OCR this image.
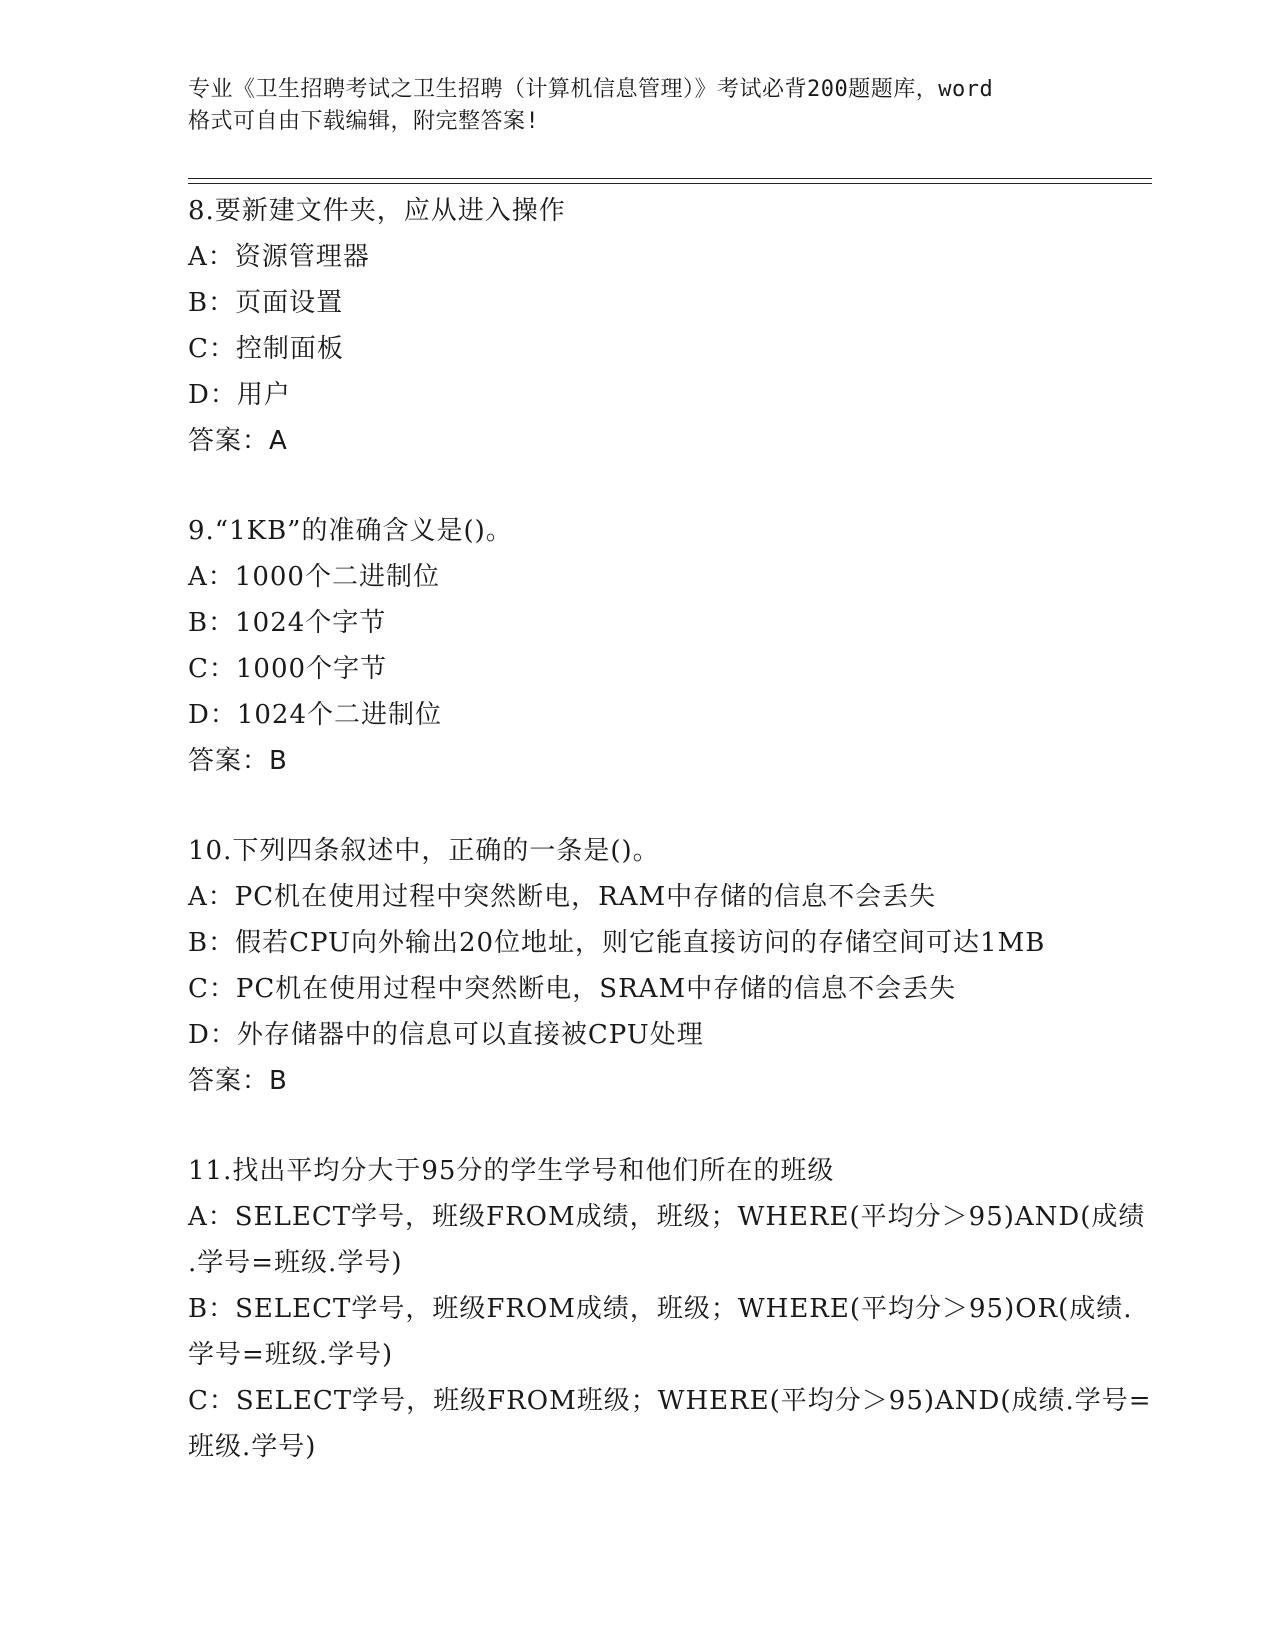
专业《卫生招聘考试之卫生招聘（计算机信息管理）》考试必背200题题库，word
格式可自由下载编辑，附完整答案!
8.要新建文件夹，应从进入操作
A：资源管理器
B：页面设置
C：控制面板
D：用户
答案：A
9.“1KB”的准确含义是()。
A：1000个二进制位
B：1024个字节
C：1000个字节
D：1024个二进制位
答案：B
10.下列四条叙述中，正确的一条是()。
A：PC机在使用过程中突然断电，RAM中存储的信息不会丢失
B：假若CPU向外输出20位地址，则它能直接访问的存储空间可达1MB
C：PC机在使用过程中突然断电，SRAM中存储的信息不会丢失
D：外存储器中的信息可以直接被CPU处理
答案：B
11.找出平均分大于95分的学生学号和他们所在的班级
A：SELECT学号，班级FROM成绩，班级；WHERE(平均分＞95)AND(成绩
.学号=班级.学号)
B：SELECT学号，班级FROM成绩，班级；WHERE(平均分＞95)OR(成绩.
学号=班级.学号)
C：SELECT学号，班级FROM班级；WHERE(平均分＞95)AND(成绩.学号=
班级.学号)
